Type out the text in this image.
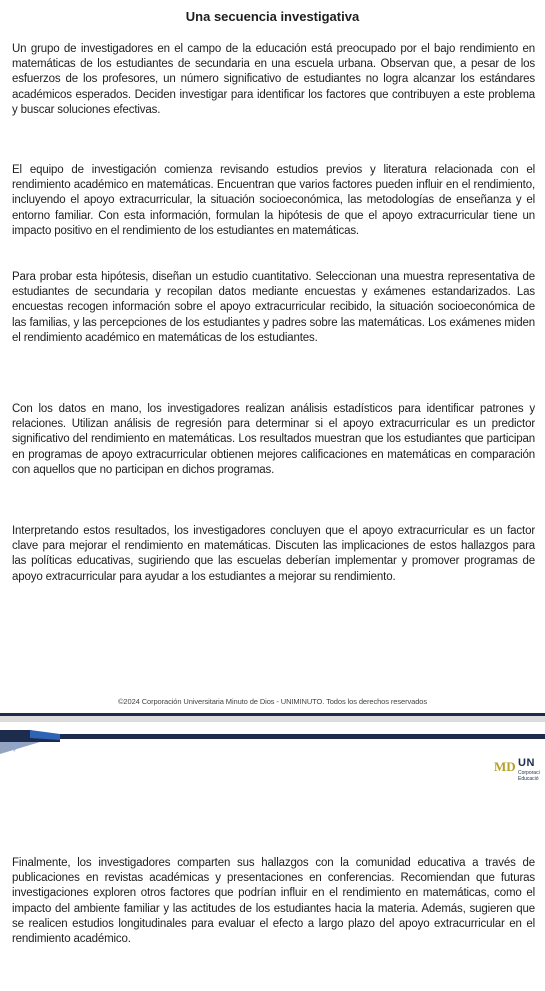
Una secuencia investigativa

Un grupo de investigadores en el campo de la educación está preocupado por el bajo rendimiento en matemáticas de los estudiantes de secundaria en una escuela urbana. Observan que, a pesar de los esfuerzos de los profesores, un número significativo de estudiantes no logra alcanzar los estándares académicos esperados. Deciden investigar para identificar los factores que contribuyen a este problema y buscar soluciones efectivas.

El equipo de investigación comienza revisando estudios previos y literatura relacionada con el rendimiento académico en matemáticas. Encuentran que varios factores pueden influir en el rendimiento, incluyendo el apoyo extracurricular, la situación socioeconómica, las metodologías de enseñanza y el entorno familiar. Con esta información, formulan la hipótesis de que el apoyo extracurricular tiene un impacto positivo en el rendimiento de los estudiantes en matemáticas.

Para probar esta hipótesis, diseñan un estudio cuantitativo. Seleccionan una muestra representativa de estudiantes de secundaria y recopilan datos mediante encuestas y exámenes estandarizados. Las encuestas recogen información sobre el apoyo extracurricular recibido, la situación socioeconómica de las familias, y las percepciones de los estudiantes y padres sobre las matemáticas. Los exámenes miden el rendimiento académico en matemáticas de los estudiantes.

Con los datos en mano, los investigadores realizan análisis estadísticos para identificar patrones y relaciones. Utilizan análisis de regresión para determinar si el apoyo extracurricular es un predictor significativo del rendimiento en matemáticas. Los resultados muestran que los estudiantes que participan en programas de apoyo extracurricular obtienen mejores calificaciones en matemáticas en comparación con aquellos que no participan en dichos programas.

Interpretando estos resultados, los investigadores concluyen que el apoyo extracurricular es un factor clave para mejorar el rendimiento en matemáticas. Discuten las implicaciones de estos hallazgos para las políticas educativas, sugiriendo que las escuelas deberían implementar y promover programas de apoyo extracurricular para ayudar a los estudiantes a mejorar su rendimiento.

©2024 Corporación Universitaria Minuto de Dios - UNIMINUTO. Todos los derechos reservados
MD UN
Corporaci Educació

Finalmente, los investigadores comparten sus hallazgos con la comunidad educativa a través de publicaciones en revistas académicas y presentaciones en conferencias. Recomiendan que futuras investigaciones exploren otros factores que podrían influir en el rendimiento en matemáticas, como el impacto del ambiente familiar y las actitudes de los estudiantes hacia la materia. Además, sugieren que se realicen estudios longitudinales para evaluar el efecto a largo plazo del apoyo extracurricular en el rendimiento académico.
